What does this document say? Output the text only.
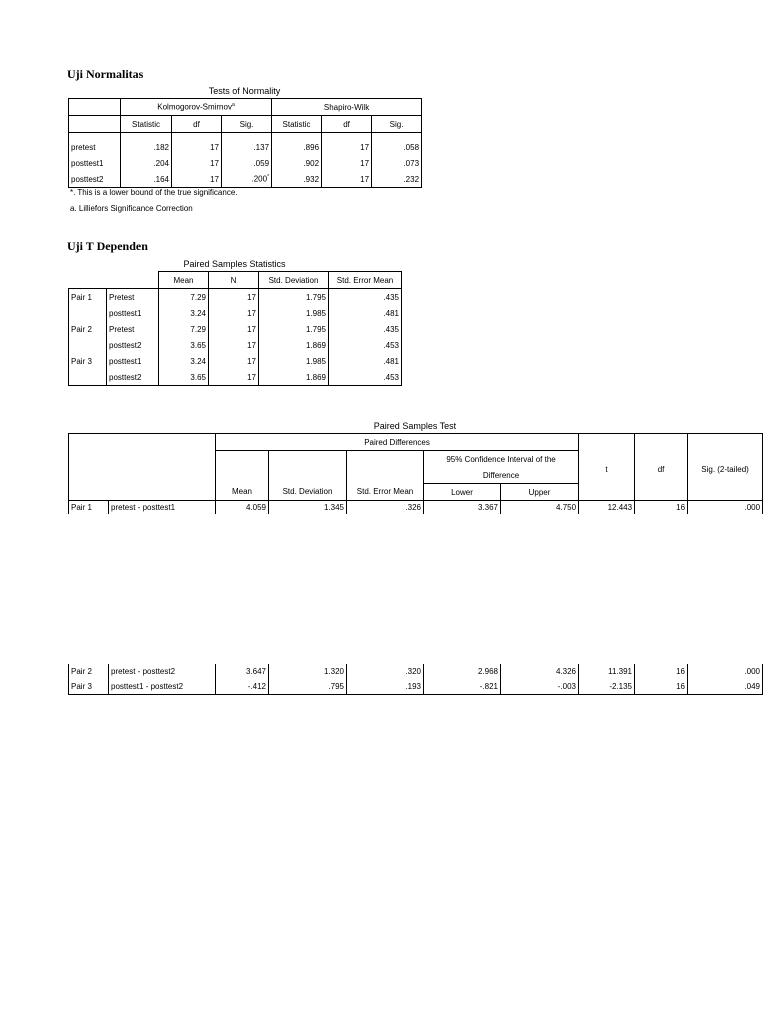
Uji Normalitas
Tests of Normality
	Kolmogorov-Smirnov$^a$			Shapiro-Wilk		
	Statistic	df	Sig.	Statistic	df	Sig.

pretest	.182	17	.137	.896	17	.058
posttest1	.204	17	.059	.902	17	.073
posttest2	.164	17	.200*	.932	17	.232
*. This is a lower bound of the true significance.
a. Lilliefors Significance Correction
Uji T Dependen
Paired Samples Statistics
		Mean	N	Std. Deviation	Std. Error Mean
Pair 1	Pretest	7.29	17	1.795	.435
	posttest1	3.24	17	1.985	.481
Pair 2	Pretest	7.29	17	1.795	.435
	posttest2	3.65	17	1.869	.453
Pair 3	posttest1	3.24	17	1.985	.481
	posttest2	3.65	17	1.869	.453
Paired Samples Test
		Paired Differences							
					95% Confidence Interval of the				
					Difference				
		Mean	Std. Deviation	Std. Error Mean	Lower	Upper	t	df	Sig. (2-tailed)
Pair 1	pretest - posttest1	4.059	1.345	.326	3.367	4.750	12.443	16	.000
Pair 2	pretest - posttest2	3.647	1.320	.320	2.968	4.326	11.391	16	.000
Pair 3	posttest1 - posttest2	-.412	.795	.193	-.821	-.003	-2.135	16	.049
